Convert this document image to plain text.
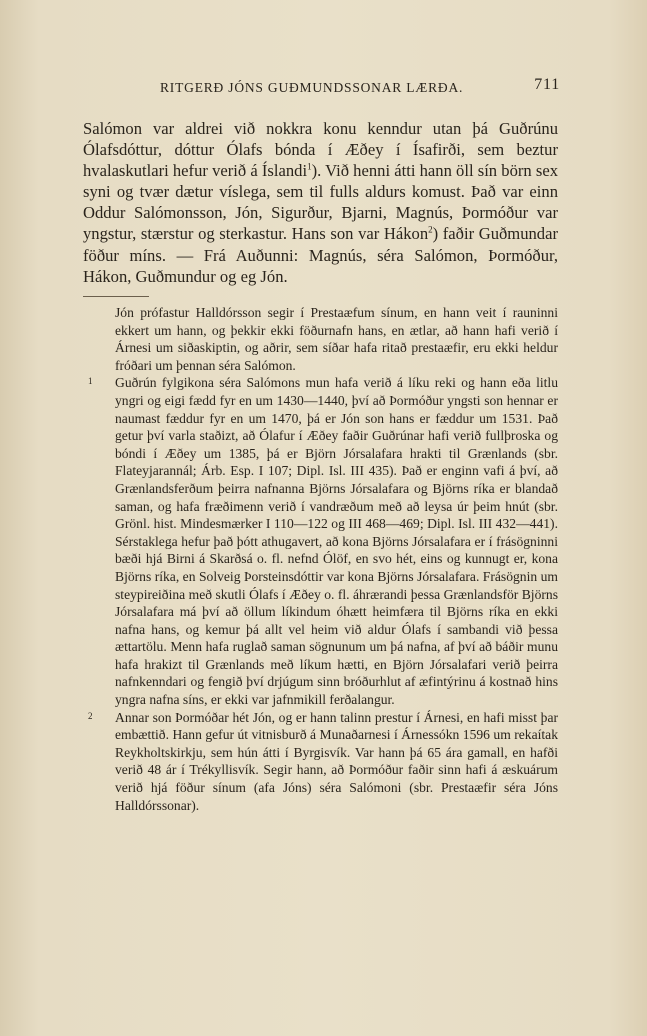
RITGERÐ JÓNS GUÐMUNDSSONAR LÆRÐA.	711
Salómon var aldrei við nokkra konu kenndur utan þá Guðrúnu Ólafsdóttur, dóttur Ólafs bónda í Æðey í Ísafirði, sem beztur hvalaskutlari hefur verið á Íslandi$^1$). Við henni átti hann öll sín börn sex syni og tvær dætur víslega, sem til fulls aldurs komust. Það var einn Oddur Salómonsson, Jón, Sigurður, Bjarni, Magnús, Þormóður var yngstur, stærstur og sterkastur. Hans son var Hákon$^2$) faðir Guðmundar föður míns. — Frá Auðunni: Magnús, séra Salómon, Þormóður, Hákon, Guðmundur og eg Jón.
Jón prófastur Halldórsson segir í Prestaæfum sínum, en hann veit í rauninni ekkert um hann, og þekkir ekki föðurnafn hans, en ætlar, að hann hafi verið í Árnesi um siðaskiptin, og aðrir, sem síðar hafa ritað prestaæfir, eru ekki heldur fróðari um þennan séra Salómon.
1 Guðrún fylgikona séra Salómons mun hafa verið á líku reki og hann eða litlu yngri og eigi fædd fyr en um 1430—1440, því að Þormóður yngsti son hennar er naumast fæddur fyr en um 1470, þá er Jón son hans er fæddur um 1531. Það getur því varla staðizt, að Ólafur í Æðey faðir Guðrúnar hafi verið fullþroska og bóndi í Æðey um 1385, þá er Björn Jórsalafara hrakti til Grænlands (sbr. Flateyjarannál; Árb. Esp. I 107; Dipl. Isl. III 435). Það er enginn vafi á því, að Grænlandsferðum þeirra nafnanna Björns Jórsalafara og Björns ríka er blandað saman, og hafa fræðimenn verið í vandræðum með að leysa úr þeim hnút (sbr. Grönl. hist. Mindesmærker I 110—122 og III 468—469; Dipl. Isl. III 432—441). Sérstaklega hefur það þótt athugavert, að kona Björns Jórsalafara er í frásögninni bæði hjá Birni á Skarðsá o. fl. nefnd Ólöf, en svo hét, eins og kunnugt er, kona Björns ríka, en Solveig Þorsteinsdóttir var kona Björns Jórsalafara. Frásögnin um steypireiðina með skutli Ólafs í Æðey o. fl. áhrærandi þessa Grænlandsför Björns Jórsalafara má því að öllum líkindum óhætt heimfæra til Björns ríka en ekki nafna hans, og kemur þá allt vel heim við aldur Ólafs í sambandi við þessa ættartölu. Menn hafa ruglað saman sögnunum um þá nafna, af því að báðir munu hafa hrakizt til Grænlands með líkum hætti, en Björn Jórsalafari verið þeirra nafnkenndari og fengið því drjúgum sinn bróðurhlut af æfintýrinu á kostnað hins yngra nafna síns, er ekki var jafnmikill ferðalangur.
2 Annar son Þormóðar hét Jón, og er hann talinn prestur í Árnesi, en hafi misst þar embættið. Hann gefur út vitnisburð á Munaðarnesi í Árnessókn 1596 um rekaítak Reykholtskirkju, sem hún átti í Byrgisvík. Var hann þá 65 ára gamall, en hafði verið 48 ár í Trékyllisvík. Segir hann, að Þormóður faðir sinn hafi á æskuárum verið hjá föður sínum (afa Jóns) séra Salómoni (sbr. Prestaæfir séra Jóns Halldórssonar).
